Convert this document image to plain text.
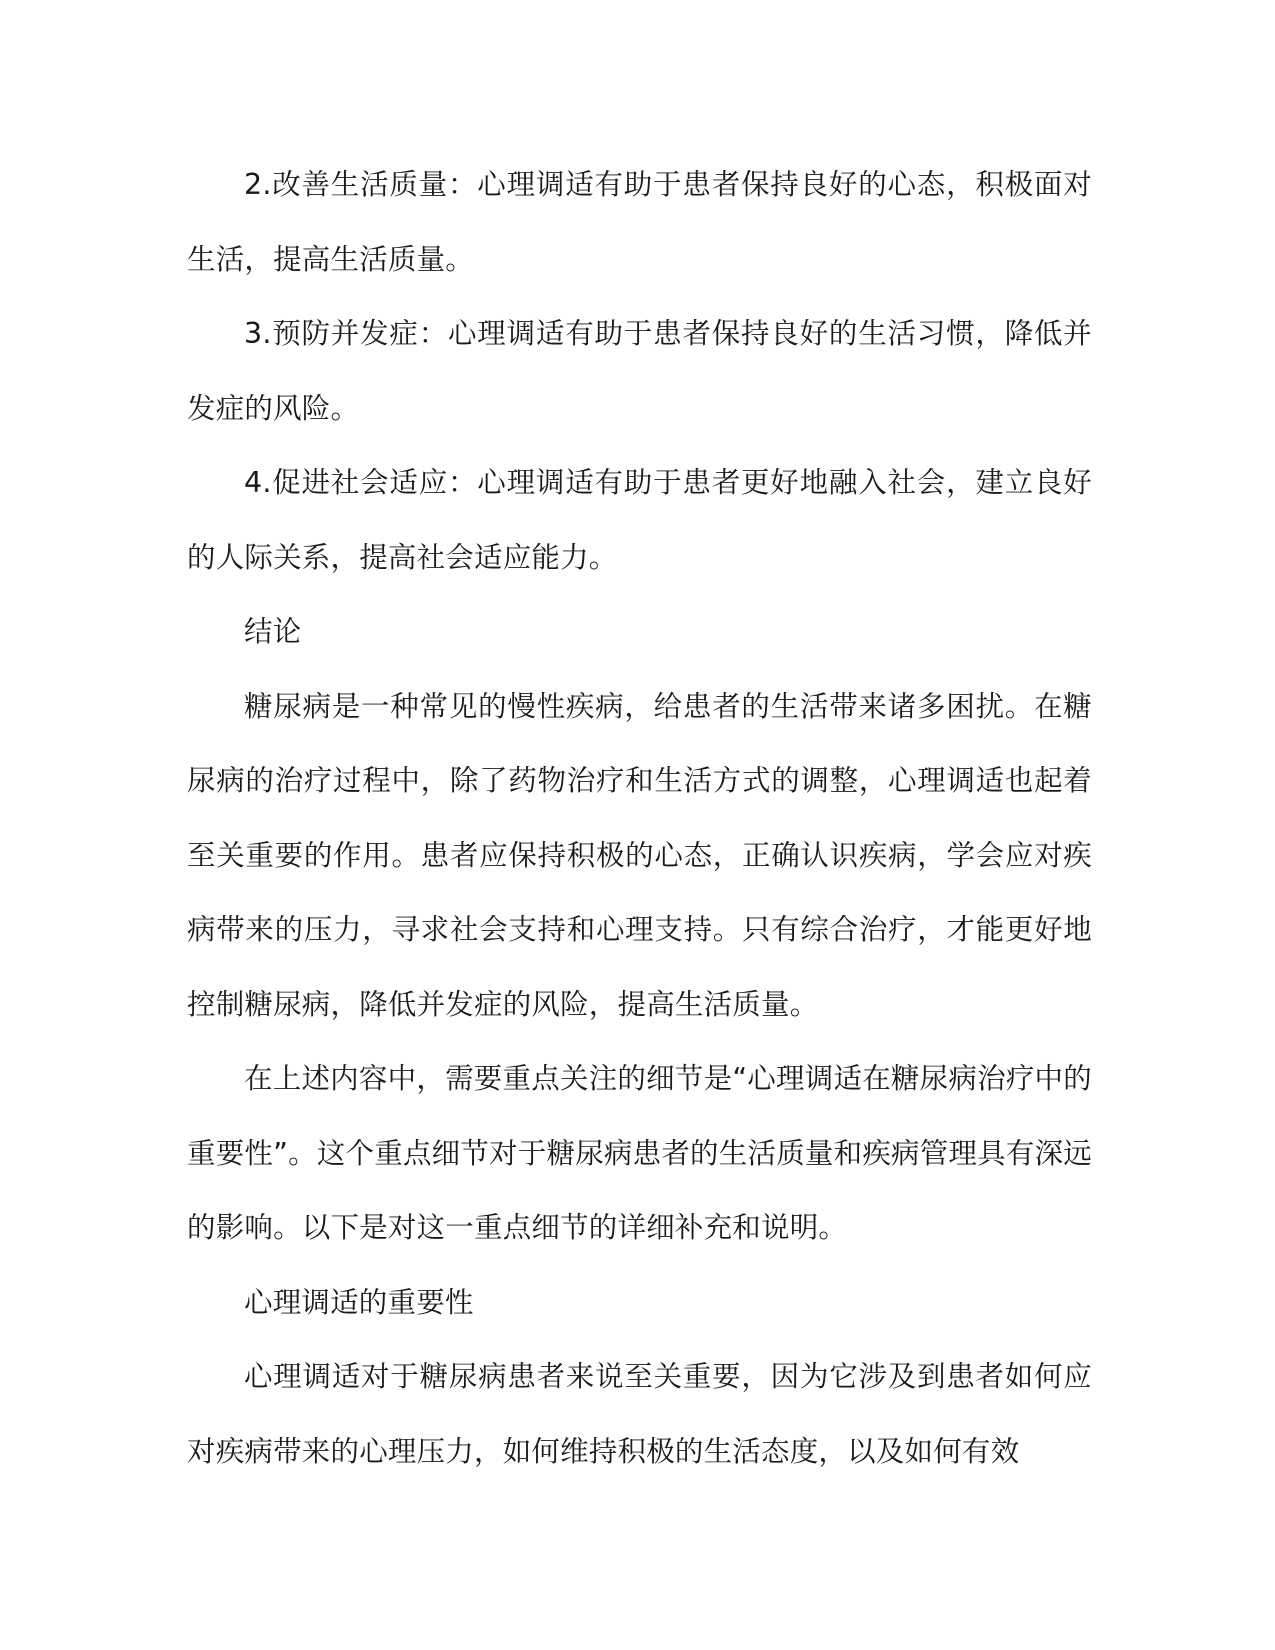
2.改善生活质量：心理调适有助于患者保持良好的心态，积极面对生活，提高生活质量。

3.预防并发症：心理调适有助于患者保持良好的生活习惯，降低并发症的风险。

4.促进社会适应：心理调适有助于患者更好地融入社会，建立良好的人际关系，提高社会适应能力。

结论

糖尿病是一种常见的慢性疾病，给患者的生活带来诸多困扰。在糖尿病的治疗过程中，除了药物治疗和生活方式的调整，心理调适也起着至关重要的作用。患者应保持积极的心态，正确认识疾病，学会应对疾病带来的压力，寻求社会支持和心理支持。只有综合治疗，才能更好地控制糖尿病，降低并发症的风险，提高生活质量。

在上述内容中，需要重点关注的细节是“心理调适在糖尿病治疗中的重要性”。这个重点细节对于糖尿病患者的生活质量和疾病管理具有深远的影响。以下是对这一重点细节的详细补充和说明。

心理调适的重要性

心理调适对于糖尿病患者来说至关重要，因为它涉及到患者如何应对疾病带来的心理压力，如何维持积极的生活态度，以及如何有效
